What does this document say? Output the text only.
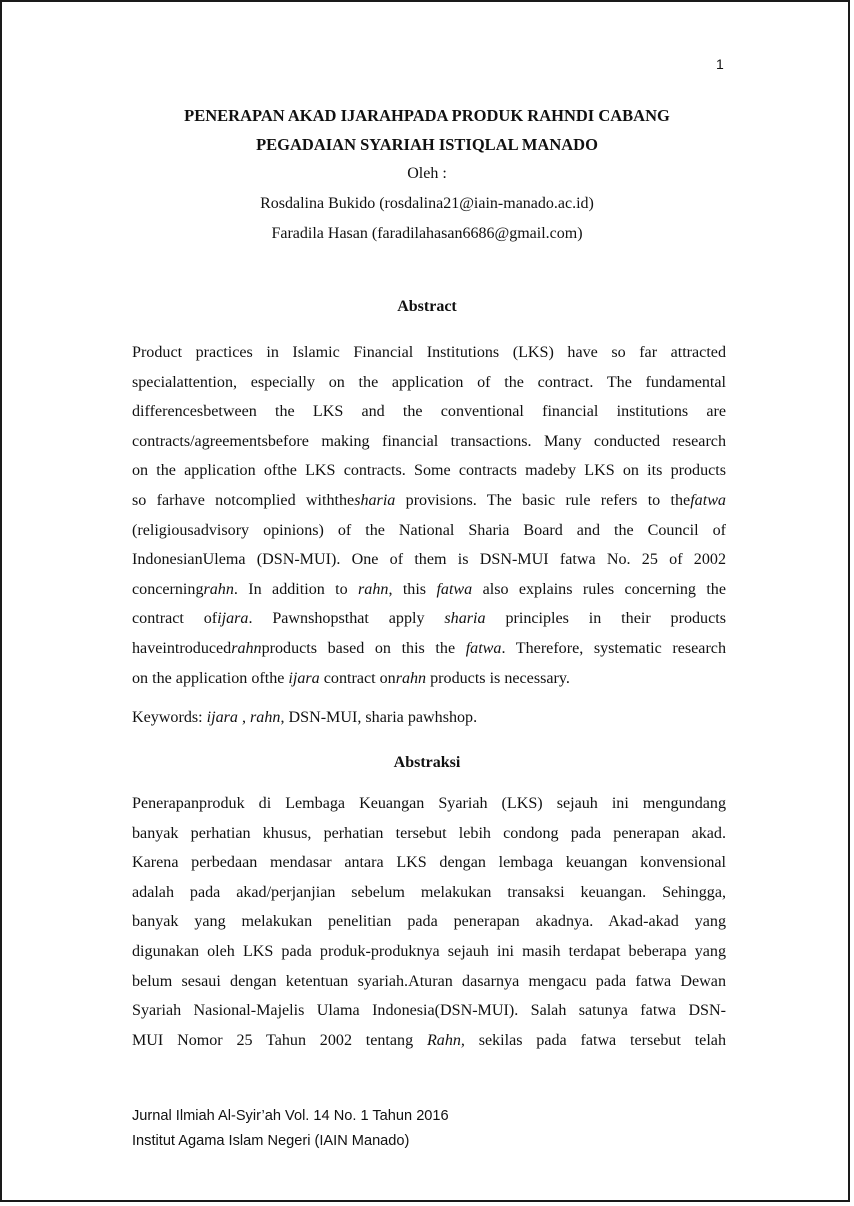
1
PENERAPAN AKAD IJARAHPADA PRODUK RAHNDI CABANG
PEGADAIAN SYARIAH ISTIQLAL MANADO
Oleh :
Rosdalina Bukido (rosdalina21@iain-manado.ac.id)
Faradila Hasan (faradilahasan6686@gmail.com)
Abstract
Product practices in Islamic Financial Institutions (LKS) have so far attracted
specialattention, especially on the application of the contract. The fundamental
differencesbetween the LKS and the conventional financial institutions are
contracts/agreementsbefore making financial transactions. Many conducted research
on the application ofthe LKS contracts. Some contracts madeby LKS on its products
so farhave notcomplied withthesharia provisions. The basic rule refers to thefatwa
(religiousadvisory opinions) of the National Sharia Board and the Council of
IndonesianUlema (DSN-MUI). One of them is DSN-MUI fatwa No. 25 of 2002
concerningrahn. In addition to rahn, this fatwa also explains rules concerning the
contract ofijara. Pawnshopsthat apply sharia principles in their products
haveintroducedrahnproducts based on this the fatwa. Therefore, systematic research
on the application ofthe ijara contract onrahn products is necessary.
Keywords: ijara , rahn, DSN-MUI, sharia pawhshop.
Abstraksi
Penerapanproduk di Lembaga Keuangan Syariah (LKS) sejauh ini mengundang
banyak perhatian khusus, perhatian tersebut lebih condong pada penerapan akad.
Karena perbedaan mendasar antara LKS dengan lembaga keuangan konvensional
adalah pada akad/perjanjian sebelum melakukan transaksi keuangan. Sehingga,
banyak yang melakukan penelitian pada penerapan akadnya. Akad-akad yang
digunakan oleh LKS pada produk-produknya sejauh ini masih terdapat beberapa yang
belum sesaui dengan ketentuan syariah.Aturan dasarnya mengacu pada fatwa Dewan
Syariah Nasional-Majelis Ulama Indonesia(DSN-MUI). Salah satunya fatwa DSN-
MUI Nomor 25 Tahun 2002 tentang Rahn, sekilas pada fatwa tersebut telah
Jurnal Ilmiah Al-Syir’ah Vol. 14 No. 1 Tahun 2016
Institut Agama Islam Negeri (IAIN Manado)
